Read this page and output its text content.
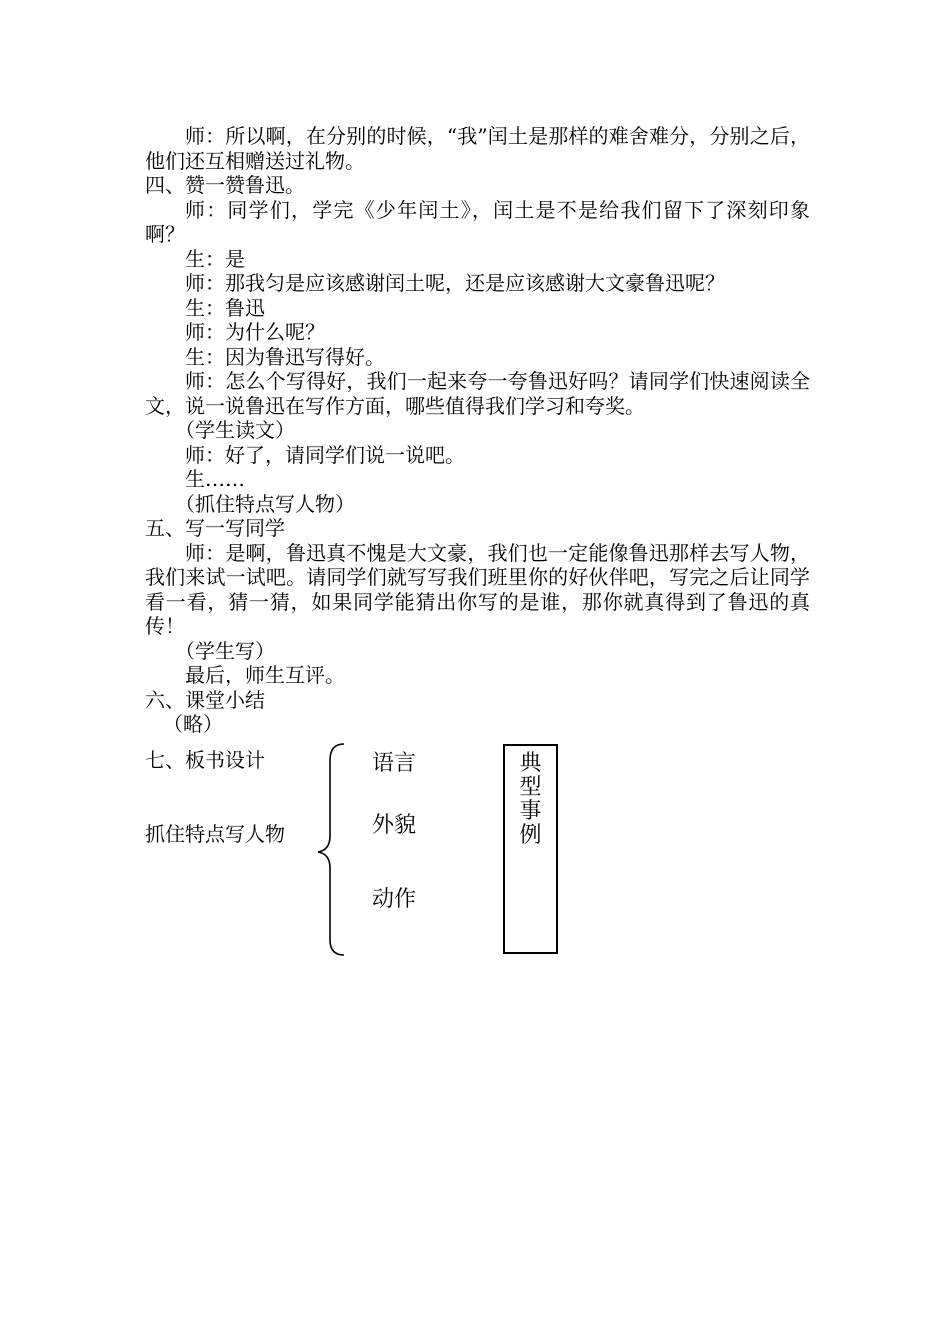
师：所以啊，在分别的时候，“我”闰土是那样的难舍难分，分别之后，他们还互相赠送过礼物。

四、赞一赞鲁迅。

师：同学们，学完《少年闰土》，闰土是不是给我们留下了深刻印象啊？

生：是

师：那我匀是应该感谢闰土呢，还是应该感谢大文豪鲁迅呢？

生：鲁迅

师：为什么呢？

生：因为鲁迅写得好。

师：怎么个写得好，我们一起来夸一夸鲁迅好吗？请同学们快速阅读全文，说一说鲁迅在写作方面，哪些值得我们学习和夸奖。

（学生读文）

师：好了，请同学们说一说吧。

生……

（抓住特点写人物）

五、写一写同学

师：是啊，鲁迅真不愧是大文豪，我们也一定能像鲁迅那样去写人物，我们来试一试吧。请同学们就写写我们班里你的好伙伴吧，写完之后让同学看一看，猜一猜，如果同学能猜出你写的是谁，那你就真得到了鲁迅的真传！

（学生写）

最后，师生互评。

六、课堂小结

（略）

七、板书设计
抓住特点写人物
语言
外貌
动作
典
型
事
例
